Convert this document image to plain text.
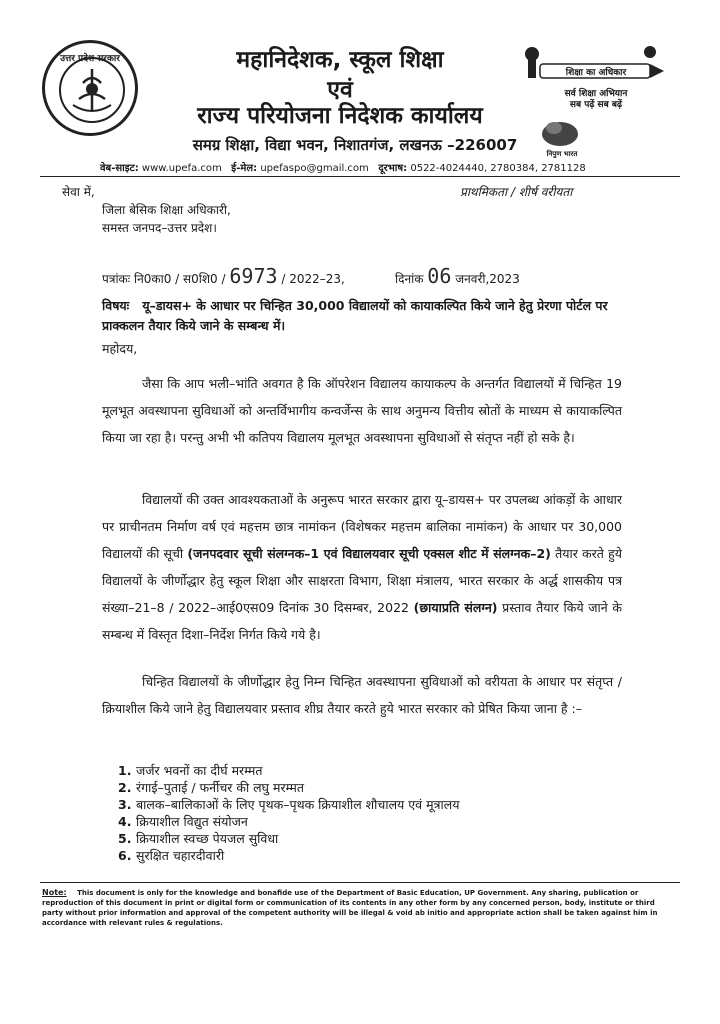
उत्तर प्रदेश सरकार	महानिदेशक, स्कूल शिक्षा
एवं
राज्य परियोजना निदेशक कार्यालय
समग्र शिक्षा, विद्या भवन, निशातगंज, लखनऊ –226007
वेब-साइट: www.upefa.com ई-मेल: upefaspo@gmail.com दूरभाष: 0522-4024440, 2780384, 2781128
शिक्षा का अधिकार
सर्व शिक्षा अभियान
सब पढ़ें सब बढ़ें
निपुण भारत
सेवा में,
जिला बेसिक शिक्षा अधिकारी,
समस्त जनपद–उत्तर प्रदेश।
प्राथमिकता / शीर्ष वरीयता
पत्रांकः नि0का0 / स0शि0 / 6973 / 2022–23,	दिनांक 06 जनवरी,2023
विषयः यू–डायस+ के आधार पर चिन्हित 30,000 विद्यालयों को कायाकल्पित किये जाने हेतु प्रेरणा पोर्टल पर प्राक्कलन तैयार किये जाने के सम्बन्ध में।
महोदय,
जैसा कि आप भली–भांति अवगत है कि ऑपरेशन विद्यालय कायाकल्प के अन्तर्गत विद्यालयों में चिन्हित 19 मूलभूत अवस्थापना सुविधाओं को अन्तर्विभागीय कन्वर्जेन्स के साथ अनुमन्य वित्तीय स्रोतों के माध्यम से कायाकल्पित किया जा रहा है। परन्तु अभी भी कतिपय विद्यालय मूलभूत अवस्थापना सुविधाओं से संतृप्त नहीं हो सके है।
विद्यालयों की उक्त आवश्यकताओं के अनुरूप भारत सरकार द्वारा यू–डायस+ पर उपलब्ध आंकड़ों के आधार पर प्राचीनतम निर्माण वर्ष एवं महत्तम छात्र नामांकन (विशेषकर महत्तम बालिका नामांकन) के आधार पर 30,000 विद्यालयों की सूची (जनपदवार सूची संलग्नक–1 एवं विद्यालयवार सूची एक्सल शीट में संलग्नक–2) तैयार करते हुये विद्यालयों के जीर्णोद्धार हेतु स्कूल शिक्षा और साक्षरता विभाग, शिक्षा मंत्रालय, भारत सरकार के अर्द्ध शासकीय पत्र संख्या–21–8 / 2022–आई0एस09 दिनांक 30 दिसम्बर, 2022 (छायाप्रति संलग्न) प्रस्ताव तैयार किये जाने के सम्बन्ध में विस्तृत दिशा–निर्देश निर्गत किये गये है।
चिन्हित विद्यालयों के जीर्णोद्धार हेतु निम्न चिन्हित अवस्थापना सुविधाओं को वरीयता के आधार पर संतृप्त / क्रियाशील किये जाने हेतु विद्यालयवार प्रस्ताव शीघ्र तैयार करते हुये भारत सरकार को प्रेषित किया जाना है :–
1. जर्जर भवनों का दीर्घ मरम्मत
2. रंगाई–पुताई / फर्नीचर की लघु मरम्मत
3. बालक–बालिकाओं के लिए पृथक–पृथक क्रियाशील शौचालय एवं मूत्रालय
4. क्रियाशील विद्युत संयोजन
5. क्रियाशील स्वच्छ पेयजल सुविधा
6. सुरक्षित चहारदीवारी
Note: This document is only for the knowledge and bonafide use of the Department of Basic Education, UP Government. Any sharing, publication or reproduction of this document in print or digital form or communication of its contents in any other form by any concerned person, body, institute or third party without prior information and approval of the competent authority will be illegal & void ab initio and appropriate action shall be taken against him in accordance with relevant rules & regulations.
